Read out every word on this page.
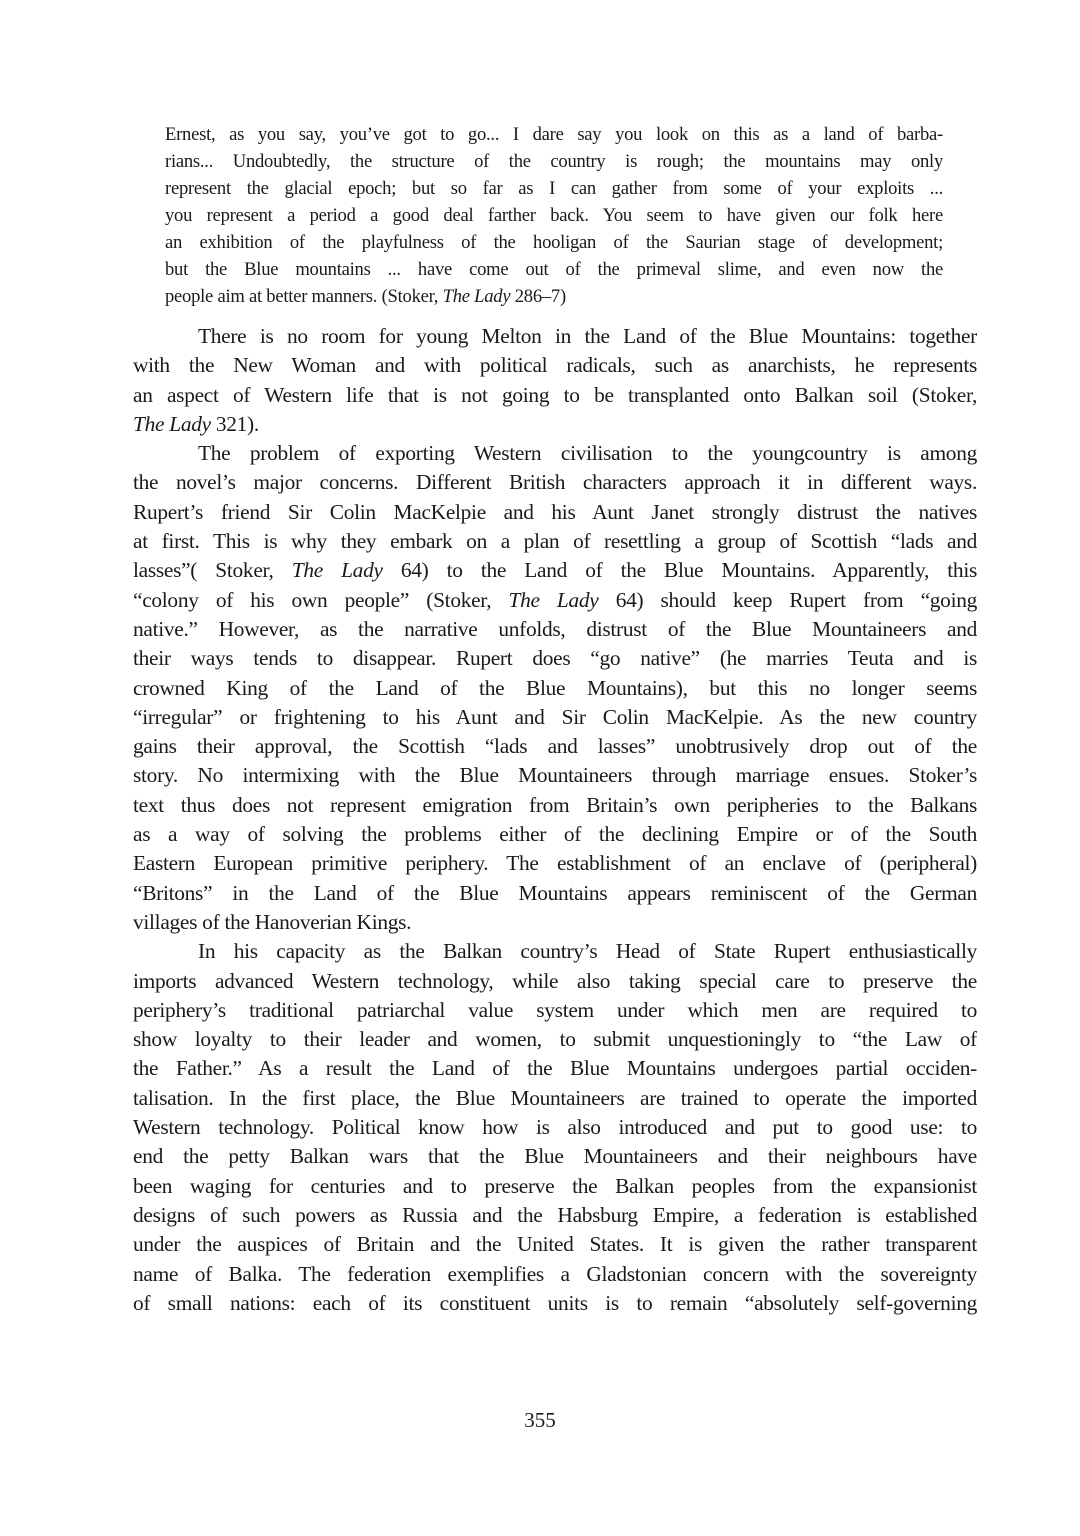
Ernest, as you say, you’ve got to go... I dare say you look on this as a land of barba-
rians... Undoubtedly, the structure of the country is rough; the mountains may only
represent the glacial epoch; but so far as I can gather from some of your exploits ...
you represent a period a good deal farther back. You seem to have given our folk here
an exhibition of the playfulness of the hooligan of the Saurian stage of development;
but the Blue mountains ... have come out of the primeval slime, and even now the
people aim at better manners. (Stoker, The Lady 286–7)
There is no room for young Melton in the Land of the Blue Mountains: together
with the New Woman and with political radicals, such as anarchists, he represents
an aspect of Western life that is not going to be transplanted onto Balkan soil (Stoker,
The Lady 321).
The problem of exporting Western civilisation to the youngcountry is among
the novel’s major concerns. Different British characters approach it in different ways.
Rupert’s friend Sir Colin MacKelpie and his Aunt Janet strongly distrust the natives
at first. This is why they embark on a plan of resettling a group of Scottish “lads and
lasses”( Stoker, The Lady 64) to the Land of the Blue Mountains. Apparently, this
“colony of his own people” (Stoker, The Lady 64) should keep Rupert from “going
native.” However, as the narrative unfolds, distrust of the Blue Mountaineers and
their ways tends to disappear. Rupert does “go native” (he marries Teuta and is
crowned King of the Land of the Blue Mountains), but this no longer seems
“irregular” or frightening to his Aunt and Sir Colin MacKelpie. As the new country
gains their approval, the Scottish “lads and lasses” unobtrusively drop out of the
story. No intermixing with the Blue Mountaineers through marriage ensues. Stoker’s
text thus does not represent emigration from Britain’s own peripheries to the Balkans
as a way of solving the problems either of the declining Empire or of the South
Eastern European primitive periphery. The establishment of an enclave of (peripheral)
“Britons” in the Land of the Blue Mountains appears reminiscent of the German
villages of the Hanoverian Kings.
In his capacity as the Balkan country’s Head of State Rupert enthusiastically
imports advanced Western technology, while also taking special care to preserve the
periphery’s traditional patriarchal value system under which men are required to
show loyalty to their leader and women, to submit unquestioningly to “the Law of
the Father.” As a result the Land of the Blue Mountains undergoes partial occiden-
talisation. In the first place, the Blue Mountaineers are trained to operate the imported
Western technology. Political know how is also introduced and put to good use: to
end the petty Balkan wars that the Blue Mountaineers and their neighbours have
been waging for centuries and to preserve the Balkan peoples from the expansionist
designs of such powers as Russia and the Habsburg Empire, a federation is established
under the auspices of Britain and the United States. It is given the rather transparent
name of Balka. The federation exemplifies a Gladstonian concern with the sovereignty
of small nations: each of its constituent units is to remain “absolutely self-governing
355
